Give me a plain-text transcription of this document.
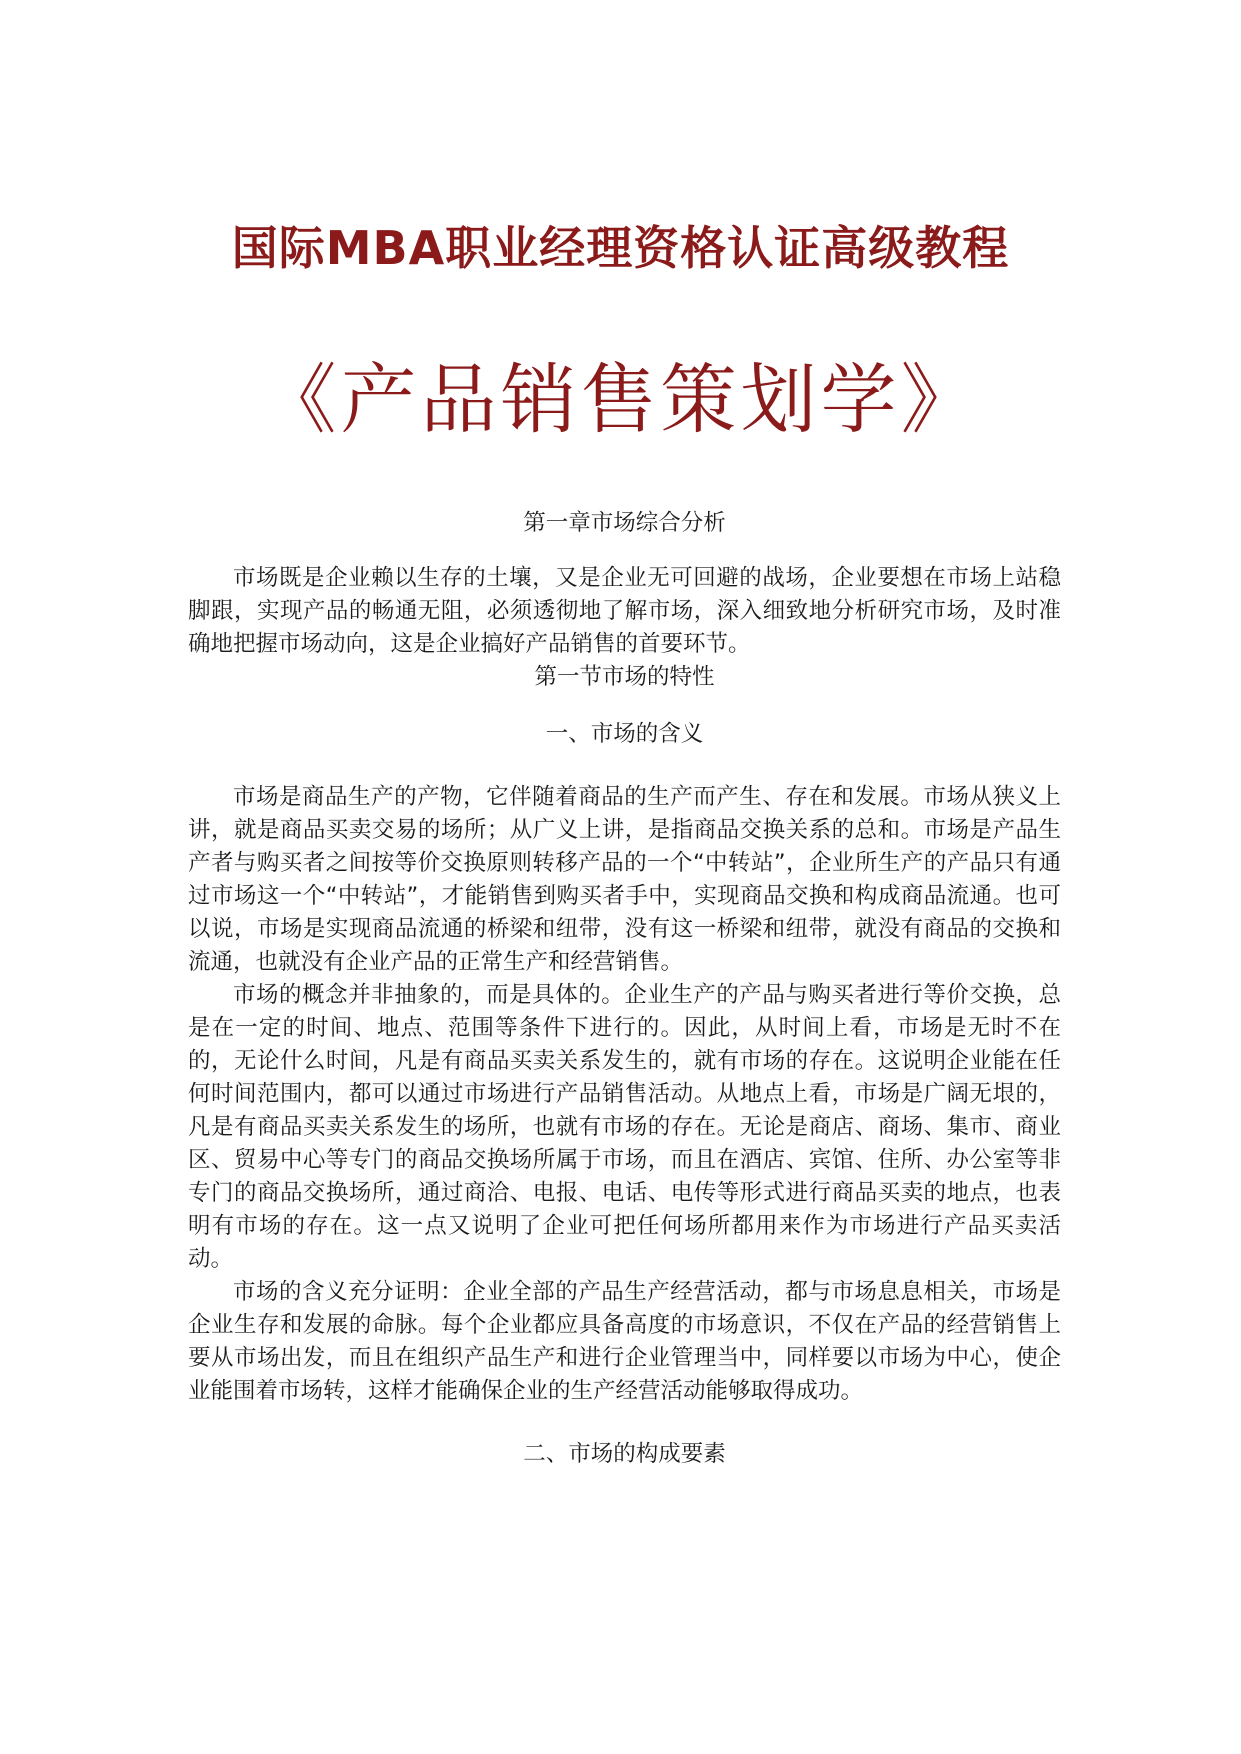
国际MBA职业经理资格认证高级教程
《产品销售策划学》

第一章市场综合分析

市场既是企业赖以生存的土壤，又是企业无可回避的战场，企业要想在市场上站稳脚跟，实现产品的畅通无阻，必须透彻地了解市场，深入细致地分析研究市场，及时准确地把握市场动向，这是企业搞好产品销售的首要环节。

第一节市场的特性

一、市场的含义

市场是商品生产的产物，它伴随着商品的生产而产生、存在和发展。市场从狭义上讲，就是商品买卖交易的场所；从广义上讲，是指商品交换关系的总和。市场是产品生产者与购买者之间按等价交换原则转移产品的一个“中转站”，企业所生产的产品只有通过市场这一个“中转站”，才能销售到购买者手中，实现商品交换和构成商品流通。也可以说，市场是实现商品流通的桥梁和纽带，没有这一桥梁和纽带，就没有商品的交换和流通，也就没有企业产品的正常生产和经营销售。

市场的概念并非抽象的，而是具体的。企业生产的产品与购买者进行等价交换，总是在一定的时间、地点、范围等条件下进行的。因此，从时间上看，市场是无时不在的，无论什么时间，凡是有商品买卖关系发生的，就有市场的存在。这说明企业能在任何时间范围内，都可以通过市场进行产品销售活动。从地点上看，市场是广阔无垠的，凡是有商品买卖关系发生的场所，也就有市场的存在。无论是商店、商场、集市、商业区、贸易中心等专门的商品交换场所属于市场，而且在酒店、宾馆、住所、办公室等非专门的商品交换场所，通过商洽、电报、电话、电传等形式进行商品买卖的地点，也表明有市场的存在。这一点又说明了企业可把任何场所都用来作为市场进行产品买卖活动。

市场的含义充分证明：企业全部的产品生产经营活动，都与市场息息相关，市场是企业生存和发展的命脉。每个企业都应具备高度的市场意识，不仅在产品的经营销售上要从市场出发，而且在组织产品生产和进行企业管理当中，同样要以市场为中心，使企业能围着市场转，这样才能确保企业的生产经营活动能够取得成功。

二、市场的构成要素
